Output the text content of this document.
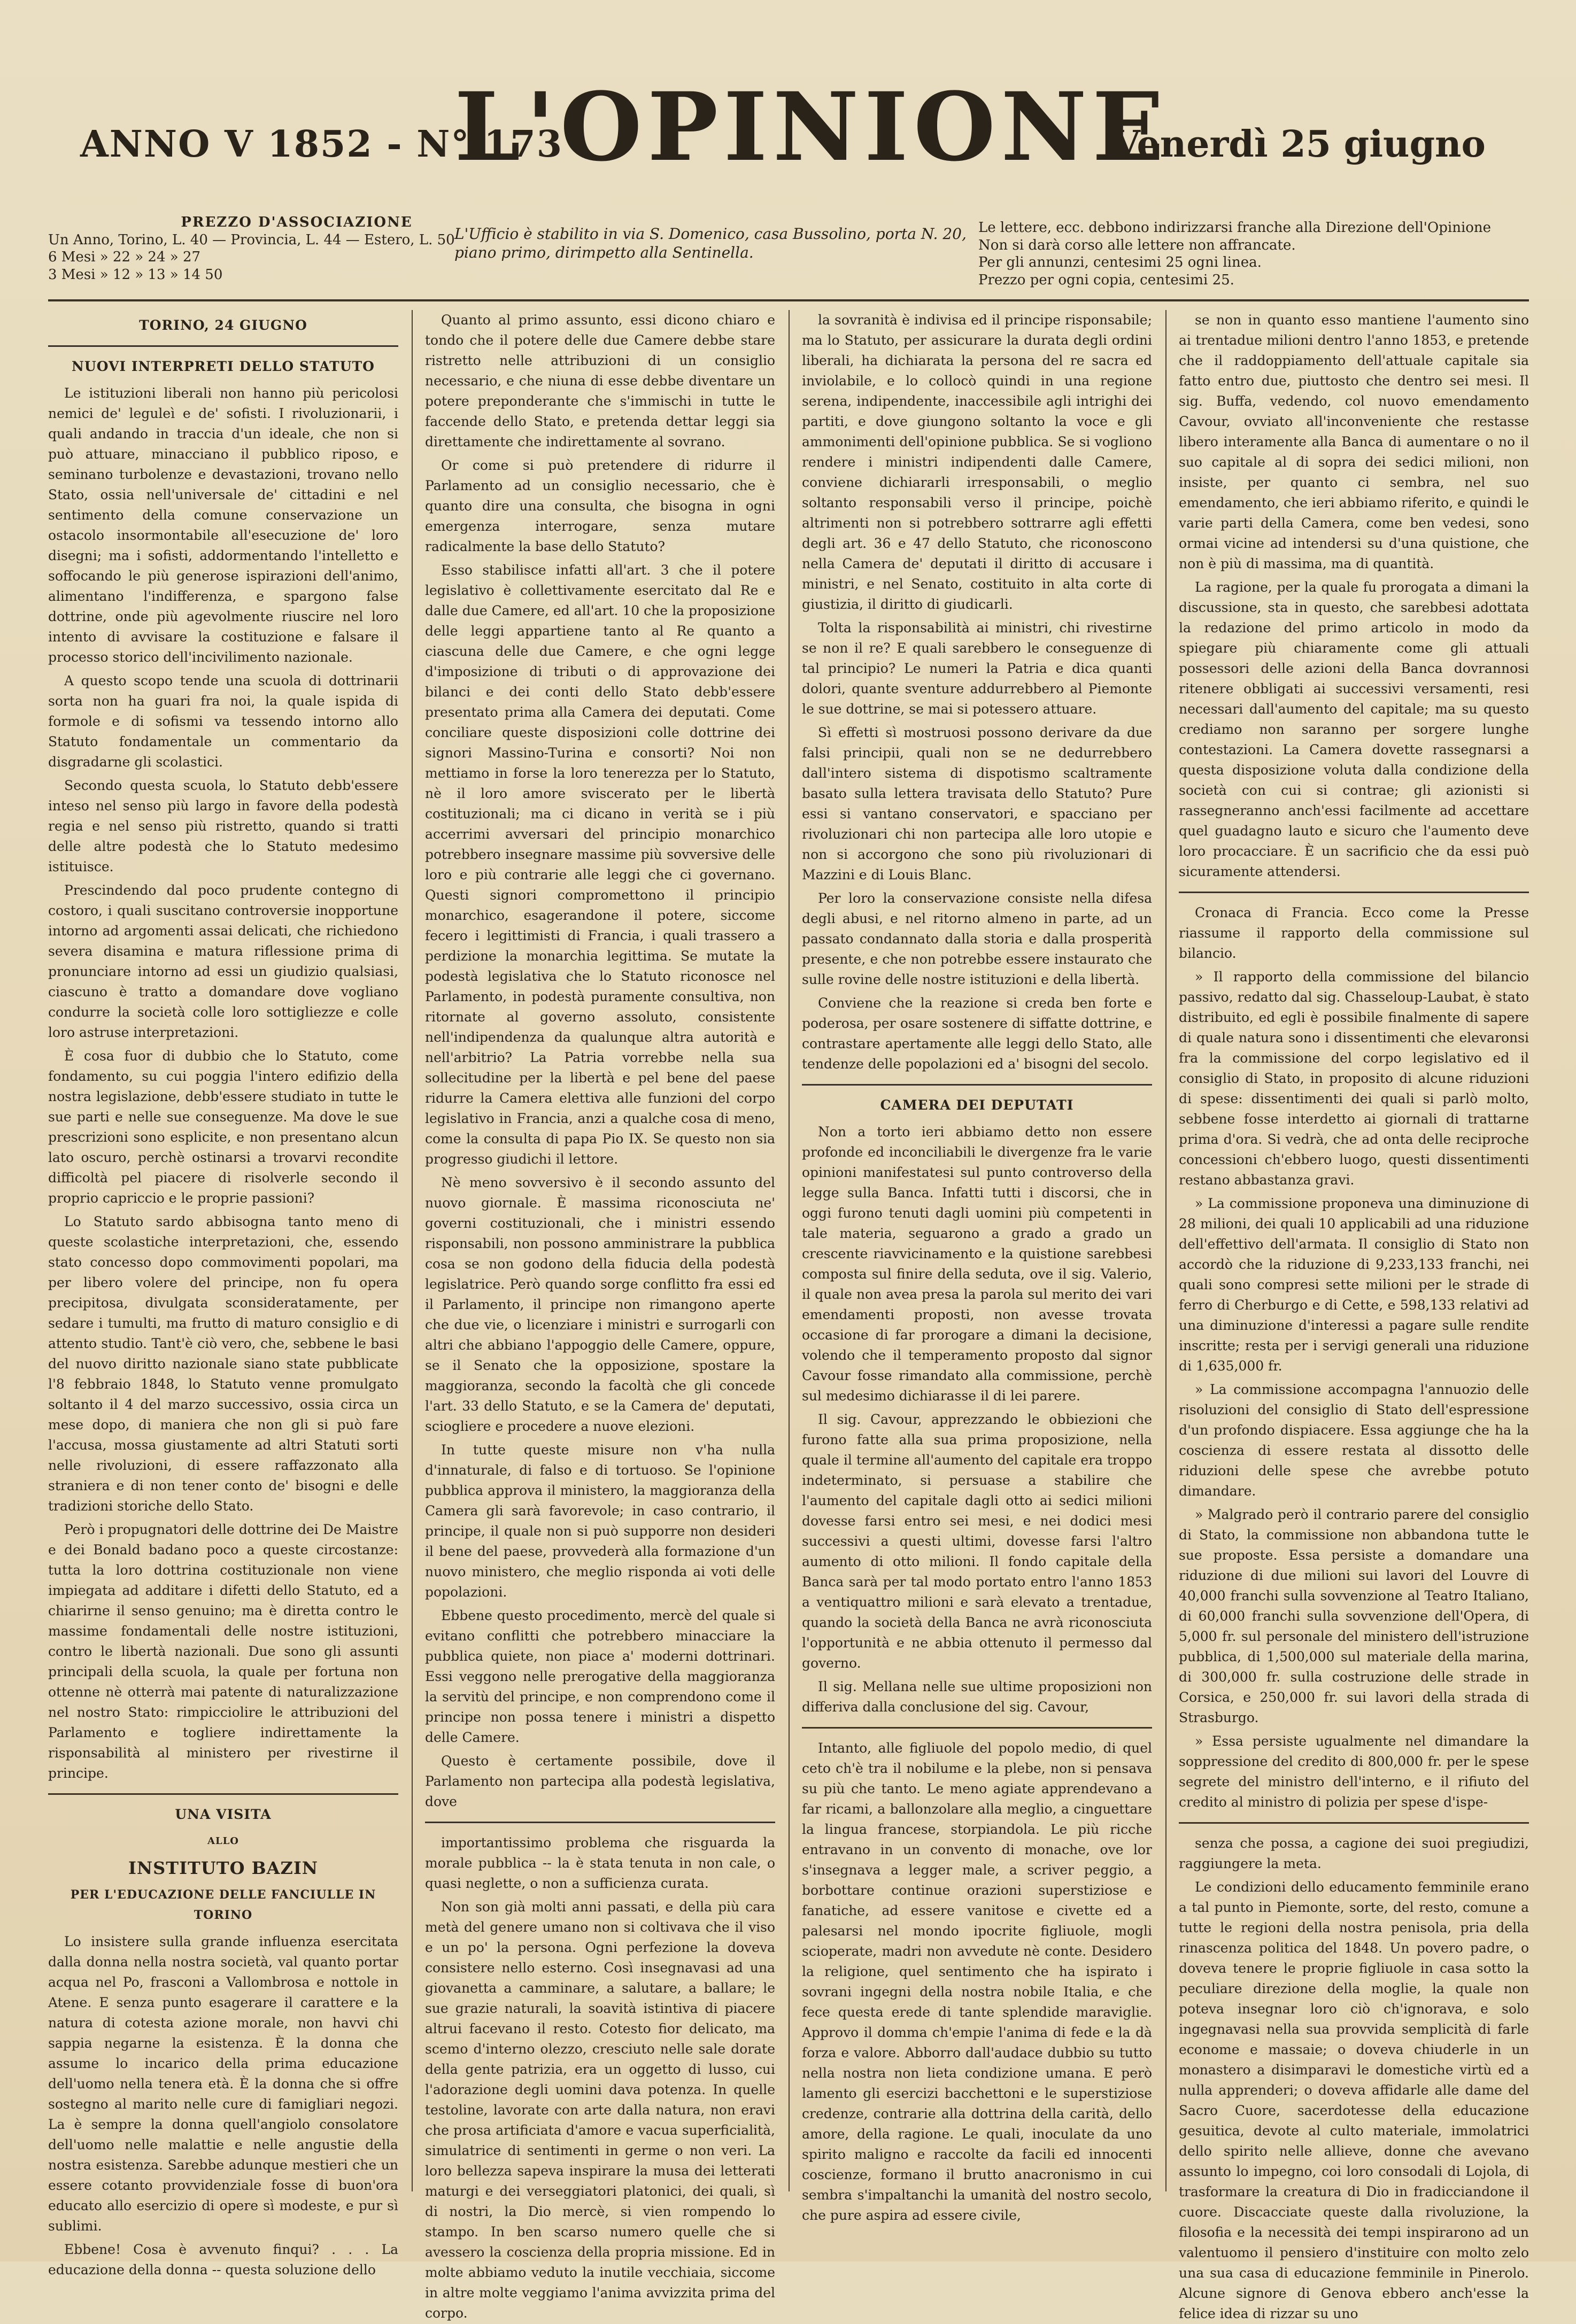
ANNO V 1852 - N° 173
L'OPINIONE
Venerdì 25 giugno
PREZZO D'ASSOCIAZIONE
Un Anno, Torino, L. 40 — Provincia, L. 44 — Estero, L. 50
6 Mesi » 22 » 24 » 27
3 Mesi » 12 » 13 » 14 50
L'Ufficio è stabilito in via S. Domenico, casa Bussolino, porta N. 20, piano primo, dirimpetto alla Sentinella.
Le lettere, ecc. debbono indirizzarsi franche alla Direzione dell'Opinione
Non si darà corso alle lettere non affrancate.
Per gli annunzi, centesimi 25 ogni linea.
Prezzo per ogni copia, centesimi 25.
TORINO, 24 GIUGNO
NUOVI INTERPRETI DELLO STATUTO

Le istituzioni liberali non hanno più pericolosi nemici de' leguleì e de' sofisti. I rivoluzionarii, i quali andando in traccia d'un ideale, che non si può attuare, minacciano il pubblico riposo, e seminano turbolenze e devastazioni, trovano nello Stato, ossia nell'universale de' cittadini e nel sentimento della comune conservazione un ostacolo insormontabile all'esecuzione de' loro disegni; ma i sofisti, addormentando l'intelletto e soffocando le più generose ispirazioni dell'animo, alimentano l'indifferenza, e spargono false dottrine, onde più agevolmente riuscire nel loro intento di avvisare la costituzione e falsare il processo storico dell'incivilimento nazionale.

A questo scopo tende una scuola di dottrinarii sorta non ha guari fra noi, la quale ispida di formole e di sofismi va tessendo intorno allo Statuto fondamentale un commentario da disgradarne gli scolastici.

Secondo questa scuola, lo Statuto debb'essere inteso nel senso più largo in favore della podestà regia e nel senso più ristretto, quando si tratti delle altre podestà che lo Statuto medesimo istituisce.

Prescindendo dal poco prudente contegno di costoro, i quali suscitano controversie inopportune intorno ad argomenti assai delicati, che richiedono severa disamina e matura riflessione prima di pronunciare intorno ad essi un giudizio qualsiasi, ciascuno è tratto a domandare dove vogliano condurre la società colle loro sottigliezze e colle loro astruse interpretazioni.

È cosa fuor di dubbio che lo Statuto, come fondamento, su cui poggia l'intero edifizio della nostra legislazione, debb'essere studiato in tutte le sue parti e nelle sue conseguenze. Ma dove le sue prescrizioni sono esplicite, e non presentano alcun lato oscuro, perchè ostinarsi a trovarvi recondite difficoltà pel piacere di risolverle secondo il proprio capriccio e le proprie passioni?

Lo Statuto sardo abbisogna tanto meno di queste scolastiche interpretazioni, che, essendo stato concesso dopo commovimenti popolari, ma per libero volere del principe, non fu opera precipitosa, divulgata sconsideratamente, per sedare i tumulti, ma frutto di maturo consiglio e di attento studio. Tant'è ciò vero, che, sebbene le basi del nuovo diritto nazionale siano state pubblicate l'8 febbraio 1848, lo Statuto venne promulgato soltanto il 4 del marzo successivo, ossia circa un mese dopo, di maniera che non gli si può fare l'accusa, mossa giustamente ad altri Statuti sorti nelle rivoluzioni, di essere raffazzonato alla straniera e di non tener conto de' bisogni e delle tradizioni storiche dello Stato.

Però i propugnatori delle dottrine dei De Maistre e dei Bonald badano poco a queste circostanze: tutta la loro dottrina costituzionale non viene impiegata ad additare i difetti dello Statuto, ed a chiarirne il senso genuino; ma è diretta contro le massime fondamentali delle nostre istituzioni, contro le libertà nazionali. Due sono gli assunti principali della scuola, la quale per fortuna non ottenne nè otterrà mai patente di naturalizzazione nel nostro Stato: rimpicciolire le attribuzioni del Parlamento e togliere indirettamente la risponsabilità al ministero per rivestirne il principe.

UNA VISITA
ALLO
INSTITUTO BAZIN
PER L'EDUCAZIONE DELLE FANCIULLE IN TORINO

Lo insistere sulla grande influenza esercitata dalla donna nella nostra società, val quanto portar acqua nel Po, frasconi a Vallombrosa e nottole in Atene. E senza punto esagerare il carattere e la natura di cotesta azione morale, non havvi chi sappia negarne la esistenza. È la donna che assume lo incarico della prima educazione dell'uomo nella tenera età. È la donna che si offre sostegno al marito nelle cure di famigliari negozi. La è sempre la donna quell'angiolo consolatore dell'uomo nelle malattie e nelle angustie della nostra esistenza. Sarebbe adunque mestieri che un essere cotanto provvidenziale fosse di buon'ora educato allo esercizio di opere sì modeste, e pur sì sublimi.

Ebbene! Cosa è avvenuto finqui? . . . La educazione della donna -- questa soluzione dello

Quanto al primo assunto, essi dicono chiaro e tondo che il potere delle due Camere debbe stare ristretto nelle attribuzioni di un consiglio necessario, e che niuna di esse debbe diventare un potere preponderante che s'immischi in tutte le faccende dello Stato, e pretenda dettar leggi sia direttamente che indirettamente al sovrano.

Or come si può pretendere di ridurre il Parlamento ad un consiglio necessario, che è quanto dire una consulta, che bisogna in ogni emergenza interrogare, senza mutare radicalmente la base dello Statuto?

Esso stabilisce infatti all'art. 3 che il potere legislativo è collettivamente esercitato dal Re e dalle due Camere, ed all'art. 10 che la proposizione delle leggi appartiene tanto al Re quanto a ciascuna delle due Camere, e che ogni legge d'imposizione di tributi o di approvazione dei bilanci e dei conti dello Stato debb'essere presentato prima alla Camera dei deputati. Come conciliare queste disposizioni colle dottrine dei signori Massino-Turina e consorti? Noi non mettiamo in forse la loro tenerezza per lo Statuto, nè il loro amore sviscerato per le libertà costituzionali; ma ci dicano in verità se i più accerrimi avversari del principio monarchico potrebbero insegnare massime più sovversive delle loro e più contrarie alle leggi che ci governano. Questi signori compromettono il principio monarchico, esagerandone il potere, siccome fecero i legittimisti di Francia, i quali trassero a perdizione la monarchia legittima. Se mutate la podestà legislativa che lo Statuto riconosce nel Parlamento, in podestà puramente consultiva, non ritornate al governo assoluto, consistente nell'indipendenza da qualunque altra autorità e nell'arbitrio? La Patria vorrebbe nella sua sollecitudine per la libertà e pel bene del paese ridurre la Camera elettiva alle funzioni del corpo legislativo in Francia, anzi a qualche cosa di meno, come la consulta di papa Pio IX. Se questo non sia progresso giudichi il lettore.

Nè meno sovversivo è il secondo assunto del nuovo giornale. È massima riconosciuta ne' governi costituzionali, che i ministri essendo risponsabili, non possono amministrare la pubblica cosa se non godono della fiducia della podestà legislatrice. Però quando sorge conflitto fra essi ed il Parlamento, il principe non rimangono aperte che due vie, o licenziare i ministri e surrogarli con altri che abbiano l'appoggio delle Camere, oppure, se il Senato che la opposizione, spostare la maggioranza, secondo la facoltà che gli concede l'art. 33 dello Statuto, e se la Camera de' deputati, sciogliere e procedere a nuove elezioni.

In tutte queste misure non v'ha nulla d'innaturale, di falso e di tortuoso. Se l'opinione pubblica approva il ministero, la maggioranza della Camera gli sarà favorevole; in caso contrario, il principe, il quale non si può supporre non desideri il bene del paese, provvederà alla formazione d'un nuovo ministero, che meglio risponda ai voti delle popolazioni.

Ebbene questo procedimento, mercè del quale si evitano conflitti che potrebbero minacciare la pubblica quiete, non piace a' moderni dottrinari. Essi veggono nelle prerogative della maggioranza la servitù del principe, e non comprendono come il principe non possa tenere i ministri a dispetto delle Camere.

Questo è certamente possibile, dove il Parlamento non partecipa alla podestà legislativa, dove

importantissimo problema che risguarda la morale pubblica -- la è stata tenuta in non cale, o quasi neglette, o non a sufficienza curata.

Non son già molti anni passati, e della più cara metà del genere umano non si coltivava che il viso e un po' la persona. Ogni perfezione la doveva consistere nello esterno. Così insegnavasi ad una giovanetta a camminare, a salutare, a ballare; le sue grazie naturali, la soavità istintiva di piacere altrui facevano il resto. Cotesto fior delicato, ma scemo d'interno olezzo, cresciuto nelle sale dorate della gente patrizia, era un oggetto di lusso, cui l'adorazione degli uomini dava potenza. In quelle testoline, lavorate con arte dalla natura, non eravi che prosa artificiata d'amore e vacua superficialità, simulatrice di sentimenti in germe o non veri. La loro bellezza sapeva inspirare la musa dei letterati maturgi e dei verseggiatori platonici, dei quali, sì di nostri, la Dio mercè, si vien rompendo lo stampo. In ben scarso numero quelle che si avessero la coscienza della propria missione. Ed in molte abbiamo veduto la inutile vecchiaia, siccome in altre molte veggiamo l'anima avvizzita prima del corpo.

la sovranità è indivisa ed il principe risponsabile; ma lo Statuto, per assicurare la durata degli ordini liberali, ha dichiarata la persona del re sacra ed inviolabile, e lo collocò quindi in una regione serena, indipendente, inaccessibile agli intrighi dei partiti, e dove giungono soltanto la voce e gli ammonimenti dell'opinione pubblica. Se si vogliono rendere i ministri indipendenti dalle Camere, conviene dichiararli irresponsabili, o meglio soltanto responsabili verso il principe, poichè altrimenti non si potrebbero sottrarre agli effetti degli art. 36 e 47 dello Statuto, che riconoscono nella Camera de' deputati il diritto di accusare i ministri, e nel Senato, costituito in alta corte di giustizia, il diritto di giudicarli.

Tolta la risponsabilità ai ministri, chi rivestirne se non il re? E quali sarebbero le conseguenze di tal principio? Le numeri la Patria e dica quanti dolori, quante sventure addurrebbero al Piemonte le sue dottrine, se mai si potessero attuare.

Sì effetti sì mostruosi possono derivare da due falsi principii, quali non se ne dedurrebbero dall'intero sistema di dispotismo scaltramente basato sulla lettera travisata dello Statuto? Pure essi si vantano conservatori, e spacciano per rivoluzionari chi non partecipa alle loro utopie e non si accorgono che sono più rivoluzionari di Mazzini e di Louis Blanc.

Per loro la conservazione consiste nella difesa degli abusi, e nel ritorno almeno in parte, ad un passato condannato dalla storia e dalla prosperità presente, e che non potrebbe essere instaurato che sulle rovine delle nostre istituzioni e della libertà.

Conviene che la reazione si creda ben forte e poderosa, per osare sostenere di siffatte dottrine, e contrastare apertamente alle leggi dello Stato, alle tendenze delle popolazioni ed a' bisogni del secolo.

CAMERA DEI DEPUTATI

Non a torto ieri abbiamo detto non essere profonde ed inconciliabili le divergenze fra le varie opinioni manifestatesi sul punto controverso della legge sulla Banca. Infatti tutti i discorsi, che in oggi furono tenuti dagli uomini più competenti in tale materia, seguarono a grado a grado un crescente riavvicinamento e la quistione sarebbesi composta sul finire della seduta, ove il sig. Valerio, il quale non avea presa la parola sul merito dei vari emendamenti proposti, non avesse trovata occasione di far prorogare a dimani la decisione, volendo che il temperamento proposto dal signor Cavour fosse rimandato alla commissione, perchè sul medesimo dichiarasse il di lei parere.

Il sig. Cavour, apprezzando le obbiezioni che furono fatte alla sua prima proposizione, nella quale il termine all'aumento del capitale era troppo indeterminato, si persuase a stabilire che l'aumento del capitale dagli otto ai sedici milioni dovesse farsi entro sei mesi, e nei dodici mesi successivi a questi ultimi, dovesse farsi l'altro aumento di otto milioni. Il fondo capitale della Banca sarà per tal modo portato entro l'anno 1853 a ventiquattro milioni e sarà elevato a trentadue, quando la società della Banca ne avrà riconosciuta l'opportunità e ne abbia ottenuto il permesso dal governo.

Il sig. Mellana nelle sue ultime proposizioni non differiva dalla conclusione del sig. Cavour,

Intanto, alle figliuole del popolo medio, di quel ceto ch'è tra il nobilume e la plebe, non si pensava su più che tanto. Le meno agiate apprendevano a far ricami, a ballonzolare alla meglio, a cinguettare la lingua francese, storpiandola. Le più ricche entravano in un convento di monache, ove lor s'insegnava a legger male, a scriver peggio, a borbottare continue orazioni superstiziose e fanatiche, ad essere vanitose e civette ed a palesarsi nel mondo ipocrite figliuole, mogli scioperate, madri non avvedute nè conte. Desidero la religione, quel sentimento che ha ispirato i sovrani ingegni della nostra nobile Italia, e che fece questa erede di tante splendide maraviglie. Approvo il domma ch'empie l'anima di fede e la dà forza e valore. Abborro dall'audace dubbio su tutto nella nostra non lieta condizione umana. E però lamento gli esercizi bacchettoni e le superstiziose credenze, contrarie alla dottrina della carità, dello amore, della ragione. Le quali, inoculate da uno spirito maligno e raccolte da facili ed innocenti coscienze, formano il brutto anacronismo in cui sembra s'impaltanchi la umanità del nostro secolo, che pure aspira ad essere civile,

se non in quanto esso mantiene l'aumento sino ai trentadue milioni dentro l'anno 1853, e pretende che il raddoppiamento dell'attuale capitale sia fatto entro due, piuttosto che dentro sei mesi. Il sig. Buffa, vedendo, col nuovo emendamento Cavour, ovviato all'inconveniente che restasse libero interamente alla Banca di aumentare o no il suo capitale al di sopra dei sedici milioni, non insiste, per quanto ci sembra, nel suo emendamento, che ieri abbiamo riferito, e quindi le varie parti della Camera, come ben vedesi, sono ormai vicine ad intendersi su d'una quistione, che non è più di massima, ma di quantità.

La ragione, per la quale fu prorogata a dimani la discussione, sta in questo, che sarebbesi adottata la redazione del primo articolo in modo da spiegare più chiaramente come gli attuali possessori delle azioni della Banca dovrannosi ritenere obbligati ai successivi versamenti, resi necessari dall'aumento del capitale; ma su questo crediamo non saranno per sorgere lunghe contestazioni. La Camera dovette rassegnarsi a questa disposizione voluta dalla condizione della società con cui si contrae; gli azionisti si rassegneranno anch'essi facilmente ad accettare quel guadagno lauto e sicuro che l'aumento deve loro procacciare. È un sacrificio che da essi può sicuramente attendersi.

Cronaca di Francia. Ecco come la Presse riassume il rapporto della commissione sul bilancio.

» Il rapporto della commissione del bilancio passivo, redatto dal sig. Chasseloup-Laubat, è stato distribuito, ed egli è possibile finalmente di sapere di quale natura sono i dissentimenti che elevaronsi fra la commissione del corpo legislativo ed il consiglio di Stato, in proposito di alcune riduzioni di spese: dissentimenti dei quali si parlò molto, sebbene fosse interdetto ai giornali di trattarne prima d'ora. Si vedrà, che ad onta delle reciproche concessioni ch'ebbero luogo, questi dissentimenti restano abbastanza gravi.

» La commissione proponeva una diminuzione di 28 milioni, dei quali 10 applicabili ad una riduzione dell'effettivo dell'armata. Il consiglio di Stato non accordò che la riduzione di 9,233,133 franchi, nei quali sono compresi sette milioni per le strade di ferro di Cherburgo e di Cette, e 598,133 relativi ad una diminuzione d'interessi a pagare sulle rendite inscritte; resta per i servigi generali una riduzione di 1,635,000 fr.

» La commissione accompagna l'annuozio delle risoluzioni del consiglio di Stato dell'espressione d'un profondo dispiacere. Essa aggiunge che ha la coscienza di essere restata al dissotto delle riduzioni delle spese che avrebbe potuto dimandare.

» Malgrado però il contrario parere del consiglio di Stato, la commissione non abbandona tutte le sue proposte. Essa persiste a domandare una riduzione di due milioni sui lavori del Louvre di 40,000 franchi sulla sovvenzione al Teatro Italiano, di 60,000 franchi sulla sovvenzione dell'Opera, di 5,000 fr. sul personale del ministero dell'istruzione pubblica, di 1,500,000 sul materiale della marina, di 300,000 fr. sulla costruzione delle strade in Corsica, e 250,000 fr. sui lavori della strada di Strasburgo.

» Essa persiste ugualmente nel dimandare la soppressione del credito di 800,000 fr. per le spese segrete del ministro dell'interno, e il rifiuto del credito al ministro di polizia per spese d'ispe-

senza che possa, a cagione dei suoi pregiudizi, raggiungere la meta.

Le condizioni dello educamento femminile erano a tal punto in Piemonte, sorte, del resto, comune a tutte le regioni della nostra penisola, pria della rinascenza politica del 1848. Un povero padre, o doveva tenere le proprie figliuole in casa sotto la peculiare direzione della moglie, la quale non poteva insegnar loro ciò ch'ignorava, e solo ingegnavasi nella sua provvida semplicità di farle econome e massaie; o doveva chiuderle in un monastero a disimparavi le domestiche virtù ed a nulla apprenderi; o doveva affidarle alle dame del Sacro Cuore, sacerdotesse della educazione gesuitica, devote al culto materiale, immolatrici dello spirito nelle allieve, donne che avevano assunto lo impegno, coi loro consodali di Lojola, di trasformare la creatura di Dio in fradicciandone il cuore. Discacciate queste dalla rivoluzione, la filosofia e la necessità dei tempi inspirarono ad un valentuomo il pensiero d'instituire con molto zelo una sua casa di educazione femminile in Pinerolo. Alcune signore di Genova ebbero anch'esse la felice idea di rizzar su uno
